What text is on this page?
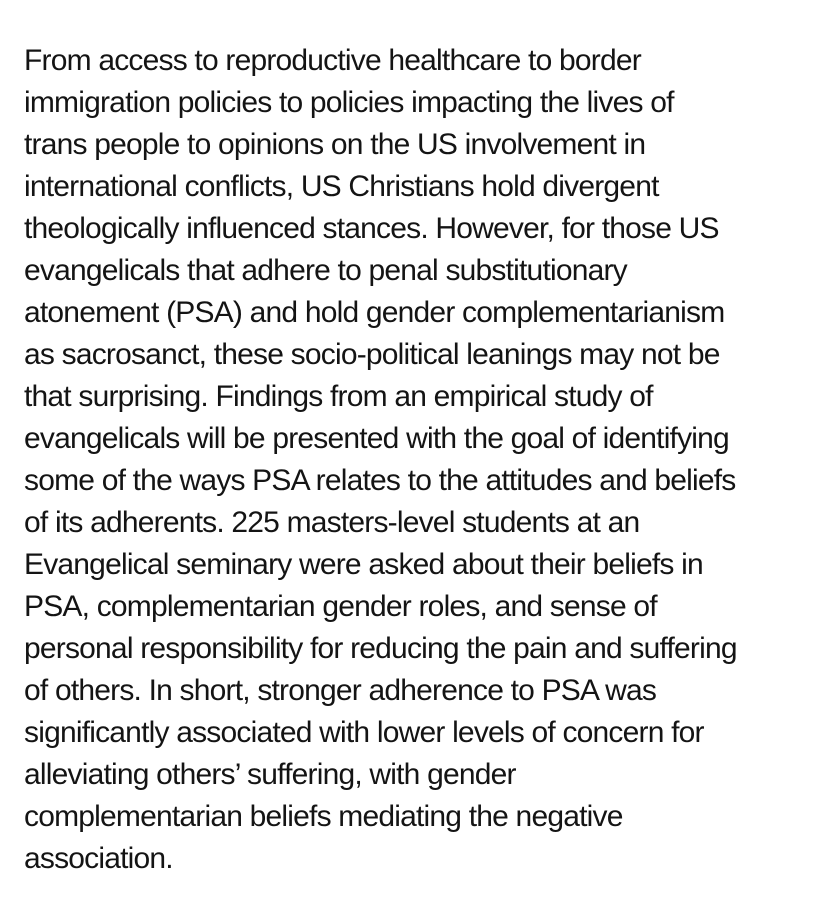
From access to reproductive healthcare to border
immigration policies to policies impacting the lives of
trans people to opinions on the US involvement in
international conflicts, US Christians hold divergent
theologically influenced stances. However, for those US
evangelicals that adhere to penal substitutionary
atonement (PSA) and hold gender complementarianism
as sacrosanct, these socio-political leanings may not be
that surprising. Findings from an empirical study of
evangelicals will be presented with the goal of identifying
some of the ways PSA relates to the attitudes and beliefs
of its adherents. 225 masters-level students at an
Evangelical seminary were asked about their beliefs in
PSA, complementarian gender roles, and sense of
personal responsibility for reducing the pain and suffering
of others. In short, stronger adherence to PSA was
significantly associated with lower levels of concern for
alleviating others’ suffering, with gender
complementarian beliefs mediating the negative
association.
